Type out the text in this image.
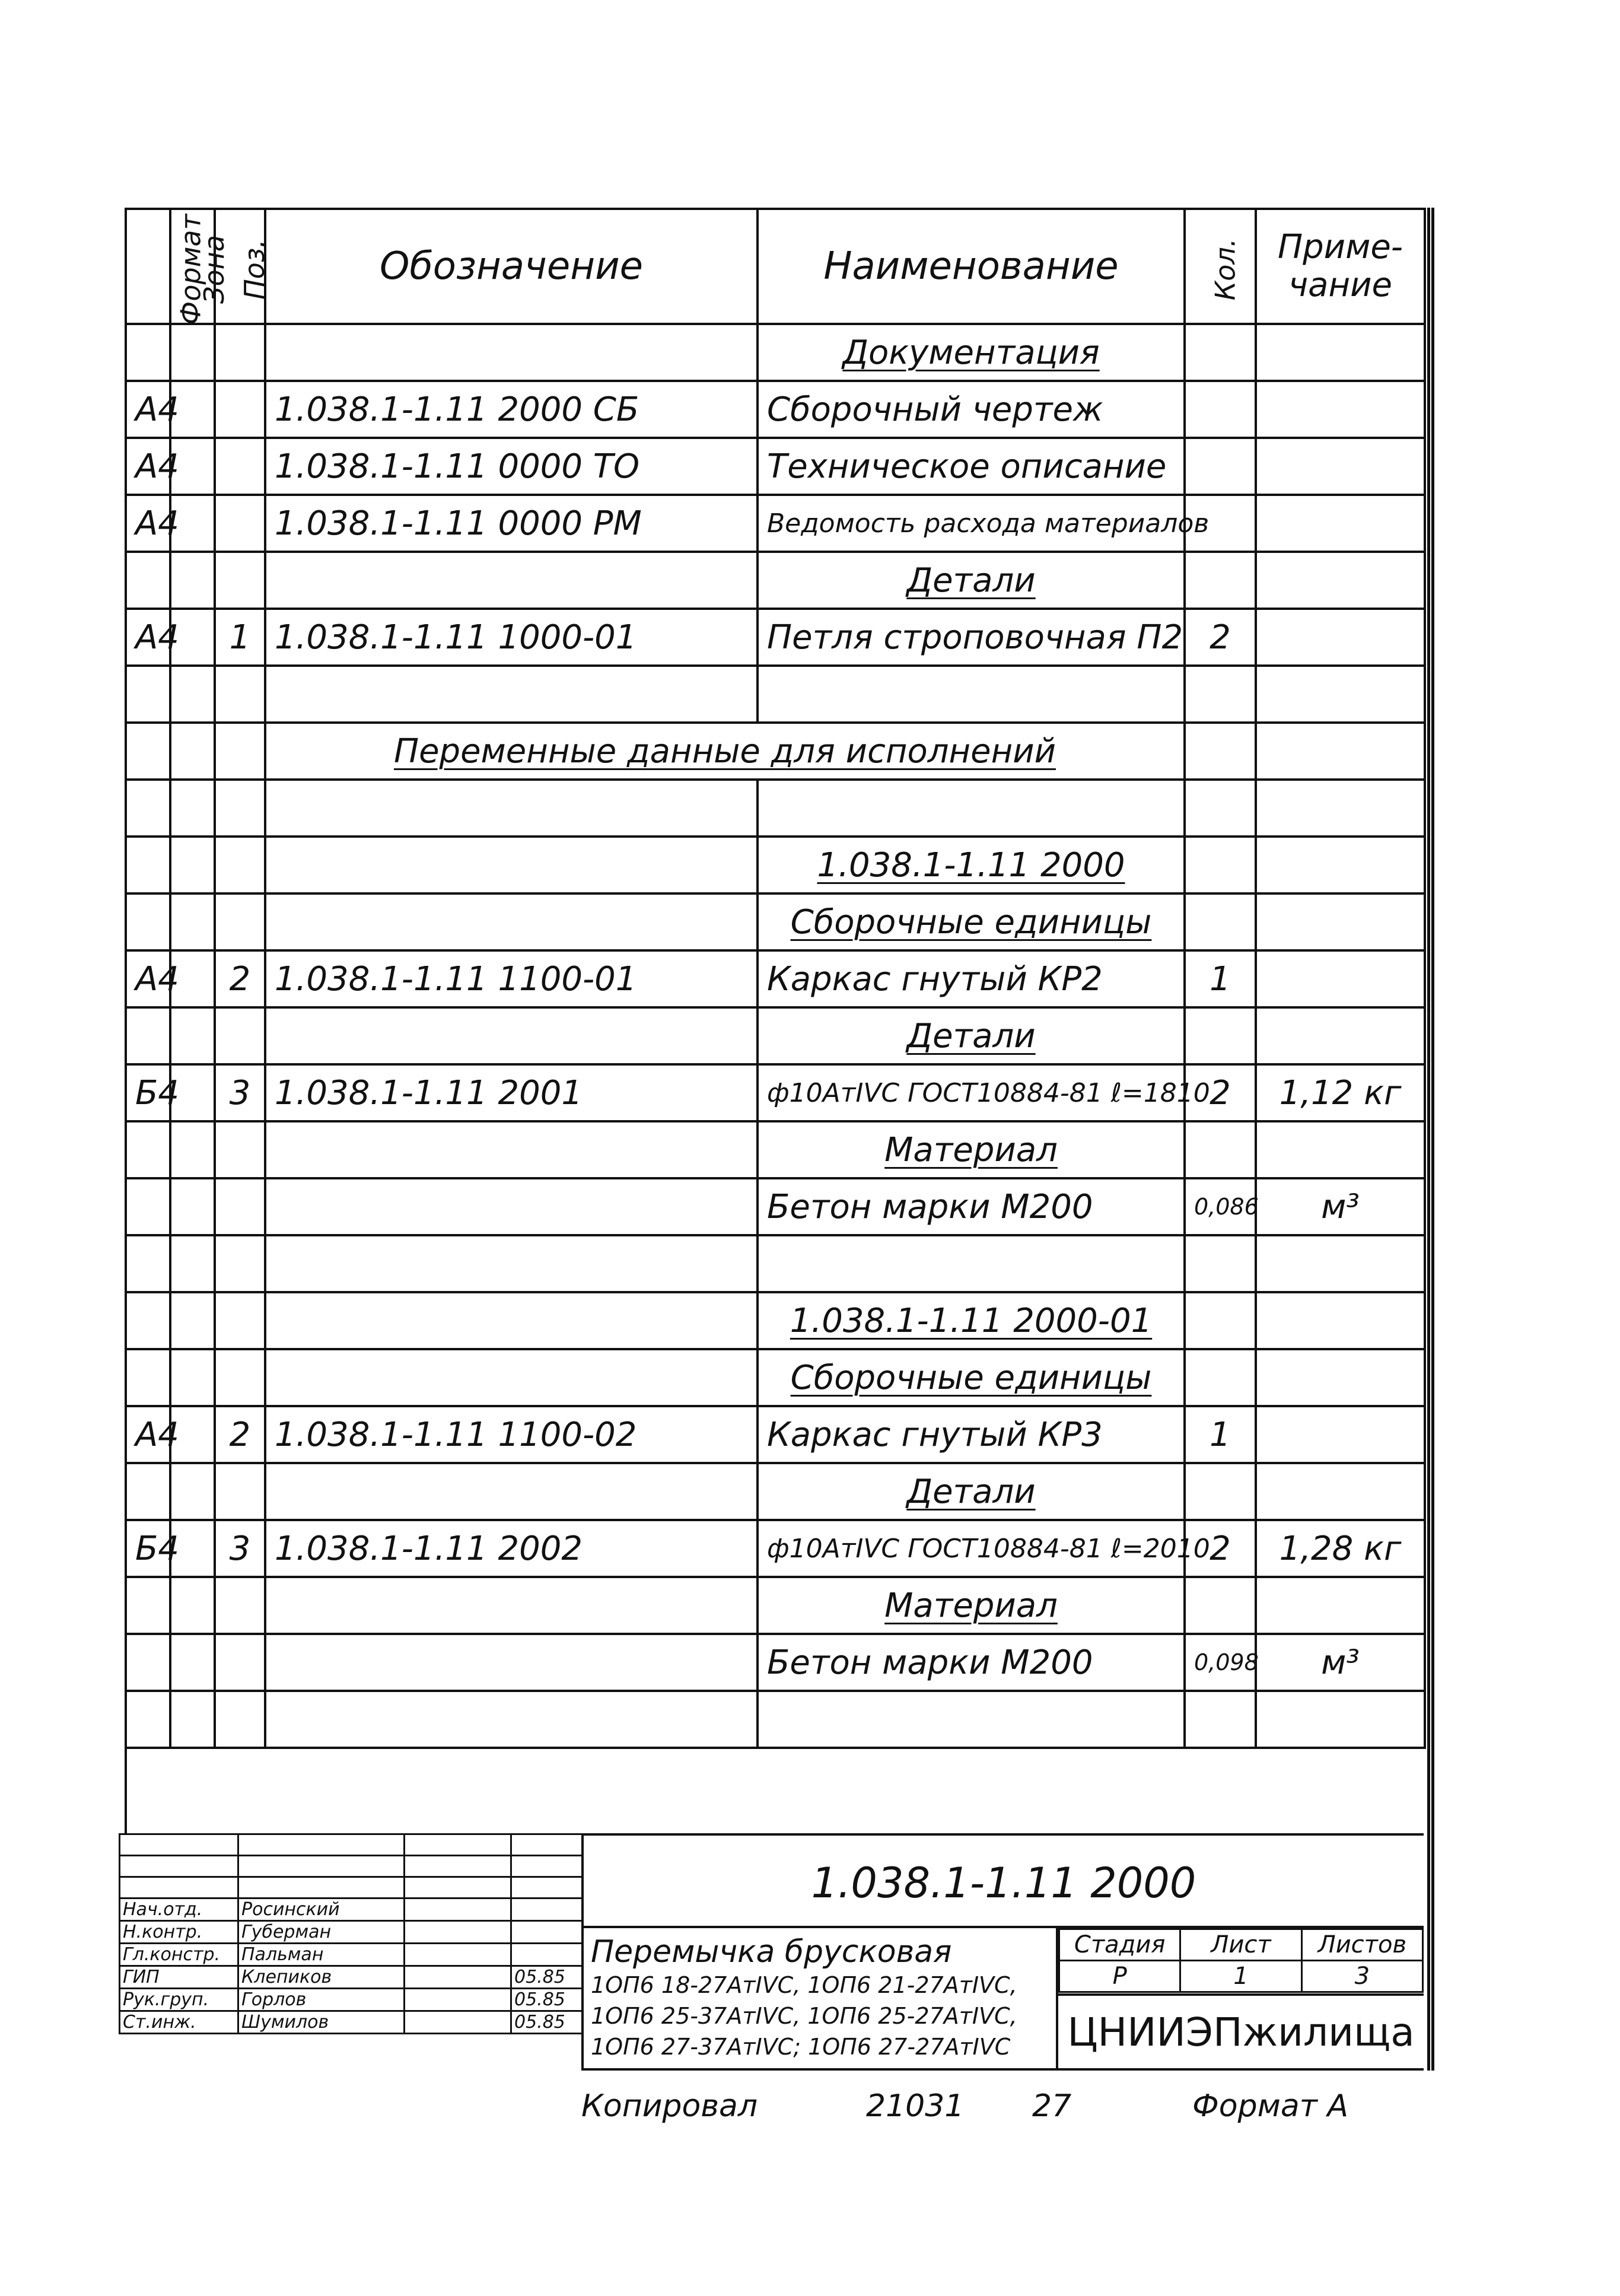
Формат	Зона	Поз.	Обозначение	Наименование	Кол.	Приме-чание
				Документация		
А4			1.038.1-1.11 2000 СБ	Сборочный чертеж		
А4			1.038.1-1.11 0000 ТО	Техническое описание		
А4			1.038.1-1.11 0000 РМ	Ведомость расхода материалов		
				Детали		
А4		1	1.038.1-1.11 1000-01	Петля строповочная П2	2	

			Переменные данные для исполнений			

				1.038.1-1.11 2000		
				Сборочные единицы		
А4		2	1.038.1-1.11 1100-01	Каркас гнутый КР2	1	
				Детали		
Б4		3	1.038.1-1.11 2001	ф10АтIVC ГОСТ10884-81 ℓ=1810	2	1,12 кг
				Материал		
				Бетон марки М200	0,086	м³

				1.038.1-1.11 2000-01		
				Сборочные единицы		
А4		2	1.038.1-1.11 1100-02	Каркас гнутый КР3	1	
				Детали		
Б4		3	1.038.1-1.11 2002	ф10АтIVC ГОСТ10884-81 ℓ=2010	2	1,28 кг
				Материал		
				Бетон марки М200	0,098	м³

Нач.отд.	Росинский		
Н.контр.	Губерман		
Гл.констр.	Пальман		
ГИП	Клепиков		05.85
Рук.груп.	Горлов		05.85
Ст.инж.	Шумилов		05.85
1.038.1-1.11 2000
Перемычка брусковая
1ОП6 18-27АтIVC, 1ОП6 21-27АтIVC,
1ОП6 25-37АтIVC, 1ОП6 25-27АтIVC,
1ОП6 27-37АтIVC; 1ОП6 27-27АтIVC
Стадия	Лист	Листов
Р	1	3
ЦНИИЭПжилища
Копировал	21031 27	Формат А
